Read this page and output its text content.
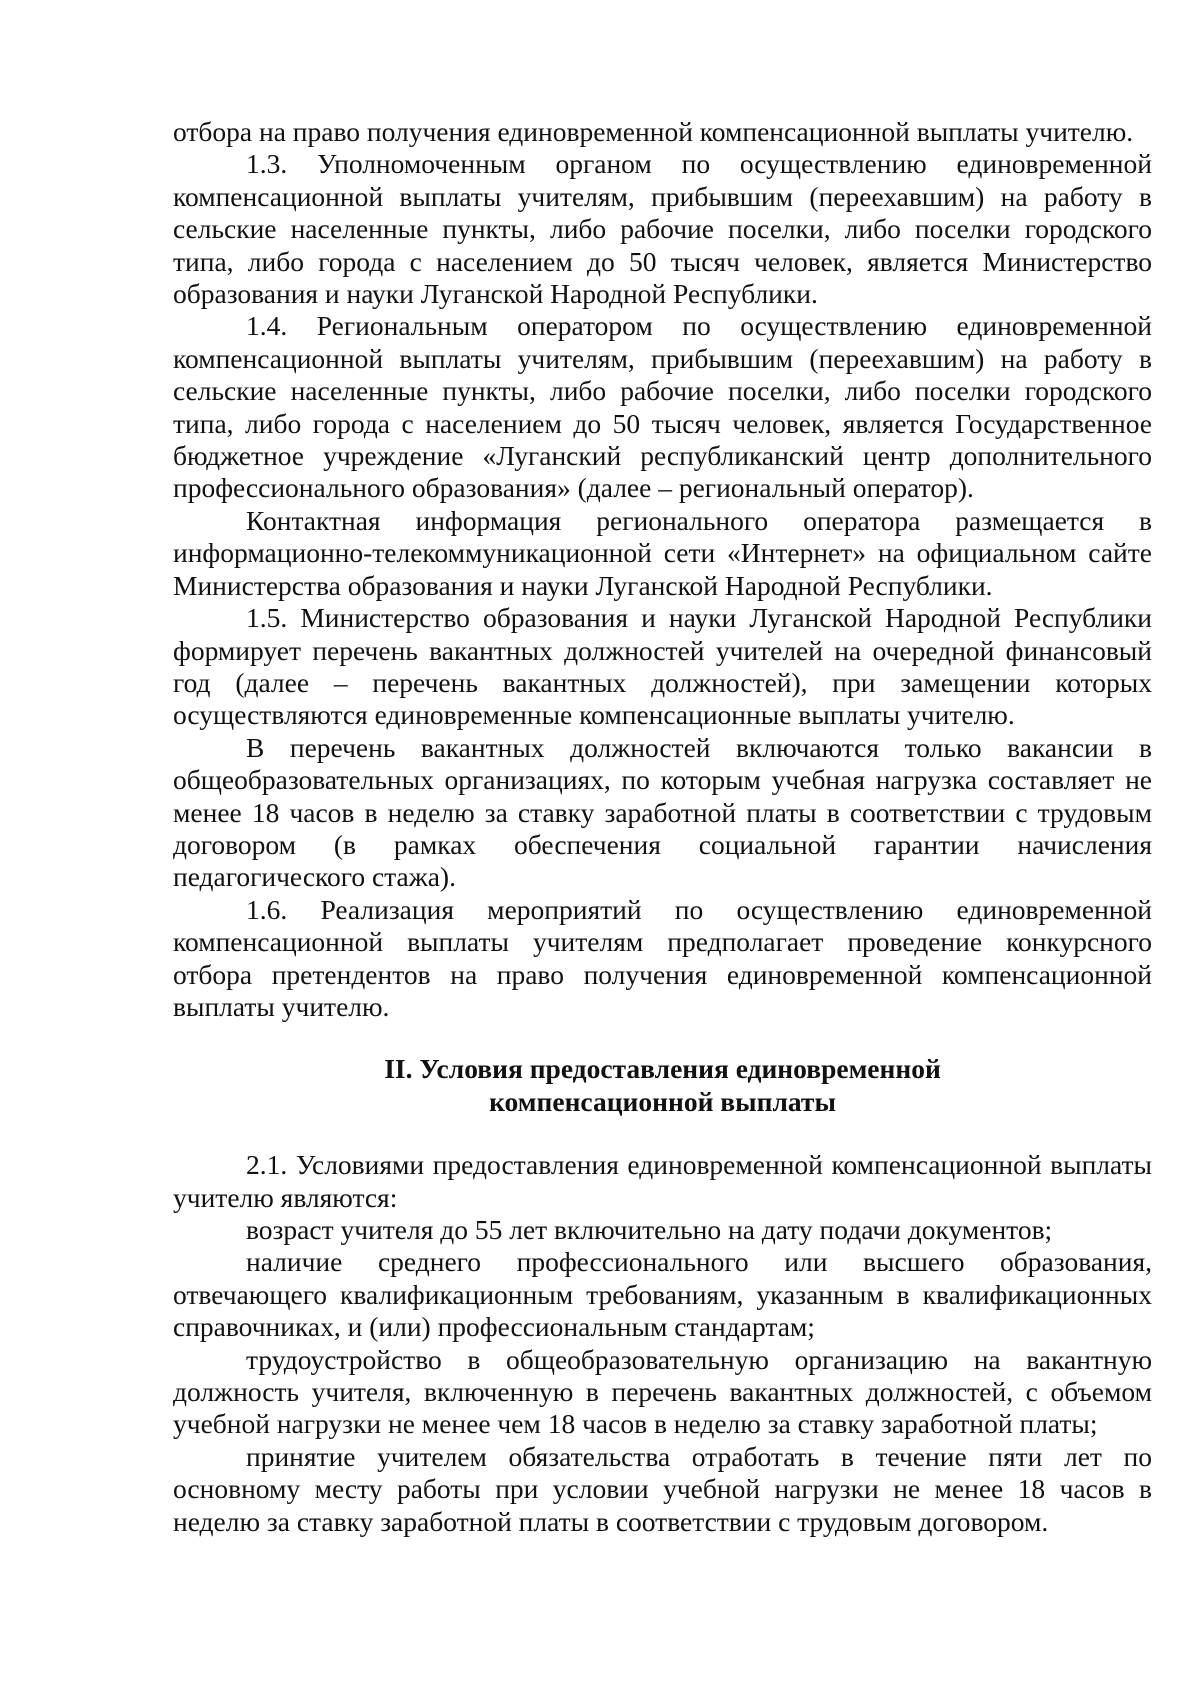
отбора на право получения единовременной компенсационной выплаты учителю.

1.3. Уполномоченным органом по осуществлению единовременной компенсационной выплаты учителям, прибывшим (переехавшим) на работу в сельские населенные пункты, либо рабочие поселки, либо поселки городского типа, либо города с населением до 50 тысяч человек, является Министерство образования и науки Луганской Народной Республики.

1.4. Региональным оператором по осуществлению единовременной компенсационной выплаты учителям, прибывшим (переехавшим) на работу в сельские населенные пункты, либо рабочие поселки, либо поселки городского типа, либо города с населением до 50 тысяч человек, является Государственное бюджетное учреждение «Луганский республиканский центр дополнительного профессионального образования» (далее – региональный оператор).

Контактная информация регионального оператора размещается в информационно-телекоммуникационной сети «Интернет» на официальном сайте Министерства образования и науки Луганской Народной Республики.

1.5. Министерство образования и науки Луганской Народной Республики формирует перечень вакантных должностей учителей на очередной финансовый год (далее – перечень вакантных должностей), при замещении которых осуществляются единовременные компенсационные выплаты учителю.

В перечень вакантных должностей включаются только вакансии в общеобразовательных организациях, по которым учебная нагрузка составляет не менее 18 часов в неделю за ставку заработной платы в соответствии с трудовым договором (в рамках обеспечения социальной гарантии начисления педагогического стажа).

1.6. Реализация мероприятий по осуществлению единовременной компенсационной выплаты учителям предполагает проведение конкурсного отбора претендентов на право получения единовременной компенсационной выплаты учителю.

II. Условия предоставления единовременной
компенсационной выплаты

2.1. Условиями предоставления единовременной компенсационной выплаты учителю являются:

возраст учителя до 55 лет включительно на дату подачи документов;

наличие среднего профессионального или высшего образования, отвечающего квалификационным требованиям, указанным в квалификационных справочниках, и (или) профессиональным стандартам;

трудоустройство в общеобразовательную организацию на вакантную должность учителя, включенную в перечень вакантных должностей, с объемом учебной нагрузки не менее чем 18 часов в неделю за ставку заработной платы;

принятие учителем обязательства отработать в течение пяти лет по основному месту работы при условии учебной нагрузки не менее 18 часов в неделю за ставку заработной платы в соответствии с трудовым договором.
